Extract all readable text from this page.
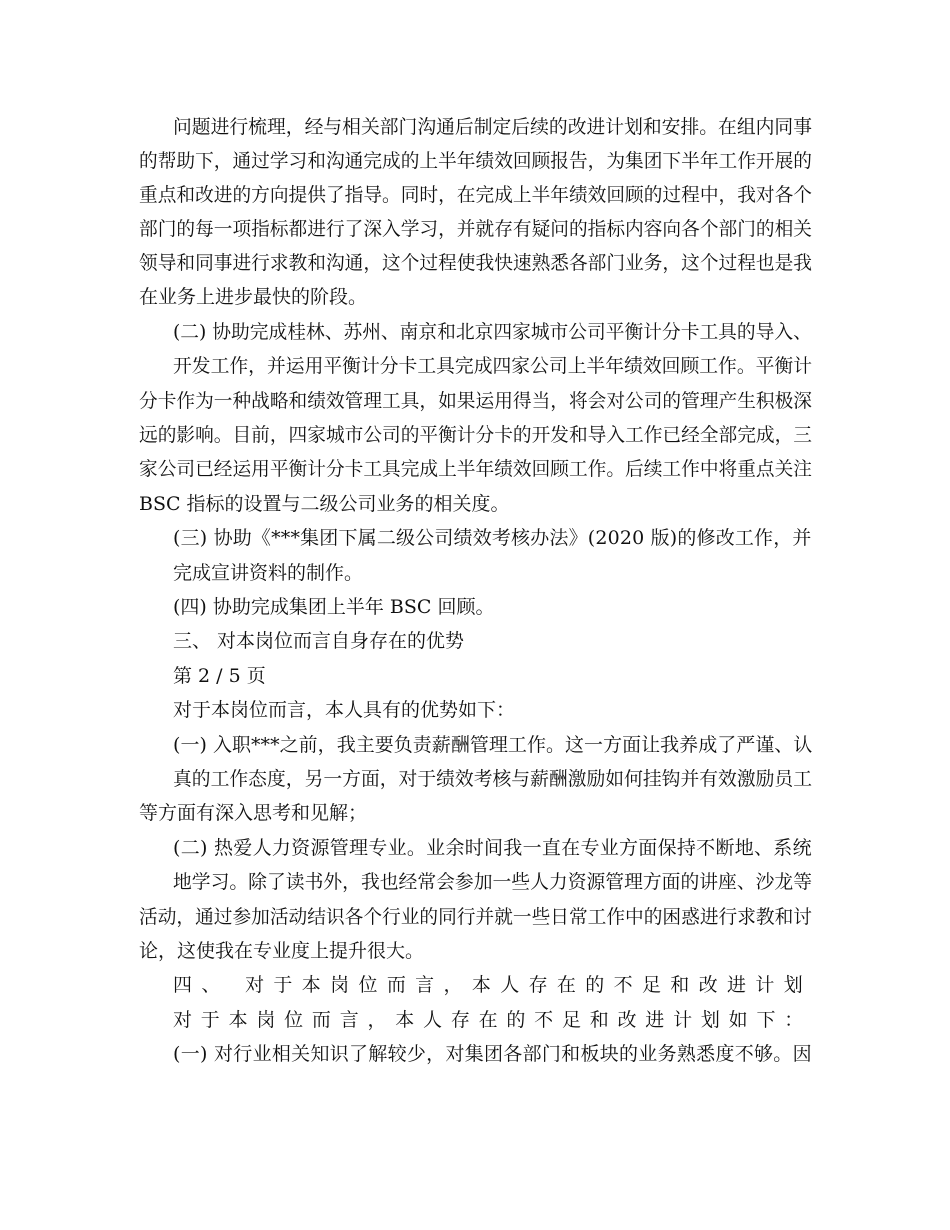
问题进行梳理，经与相关部门沟通后制定后续的改进计划和安排。在组内同事
的帮助下，通过学习和沟通完成的上半年绩效回顾报告，为集团下半年工作开展的
重点和改进的方向提供了指导。同时，在完成上半年绩效回顾的过程中，我对各个
部门的每一项指标都进行了深入学习，并就存有疑问的指标内容向各个部门的相关
领导和同事进行求教和沟通，这个过程使我快速熟悉各部门业务，这个过程也是我
在业务上进步最快的阶段。
(二) 协助完成桂林、苏州、南京和北京四家城市公司平衡计分卡工具的导入、
开发工作，并运用平衡计分卡工具完成四家公司上半年绩效回顾工作。平衡计
分卡作为一种战略和绩效管理工具，如果运用得当，将会对公司的管理产生积极深
远的影响。目前，四家城市公司的平衡计分卡的开发和导入工作已经全部完成，三
家公司已经运用平衡计分卡工具完成上半年绩效回顾工作。后续工作中将重点关注
BSC 指标的设置与二级公司业务的相关度。
(三) 协助《***集团下属二级公司绩效考核办法》(2020 版)的修改工作，并
完成宣讲资料的制作。
(四) 协助完成集团上半年 BSC 回顾。
三、 对本岗位而言自身存在的优势
第 2 / 5 页
对于本岗位而言，本人具有的优势如下：
(一) 入职***之前，我主要负责薪酬管理工作。这一方面让我养成了严谨、认
真的工作态度，另一方面，对于绩效考核与薪酬激励如何挂钩并有效激励员工
等方面有深入思考和见解；
(二) 热爱人力资源管理专业。业余时间我一直在专业方面保持不断地、系统
地学习。除了读书外，我也经常会参加一些人力资源管理方面的讲座、沙龙等
活动，通过参加活动结识各个行业的同行并就一些日常工作中的困惑进行求教和讨
论，这使我在专业度上提升很大。
四、 对于本岗位而言，本人存在的不足和改进计划
对于本岗位而言，本人存在的不足和改进计划如下：
(一) 对行业相关知识了解较少，对集团各部门和板块的业务熟悉度不够。因
